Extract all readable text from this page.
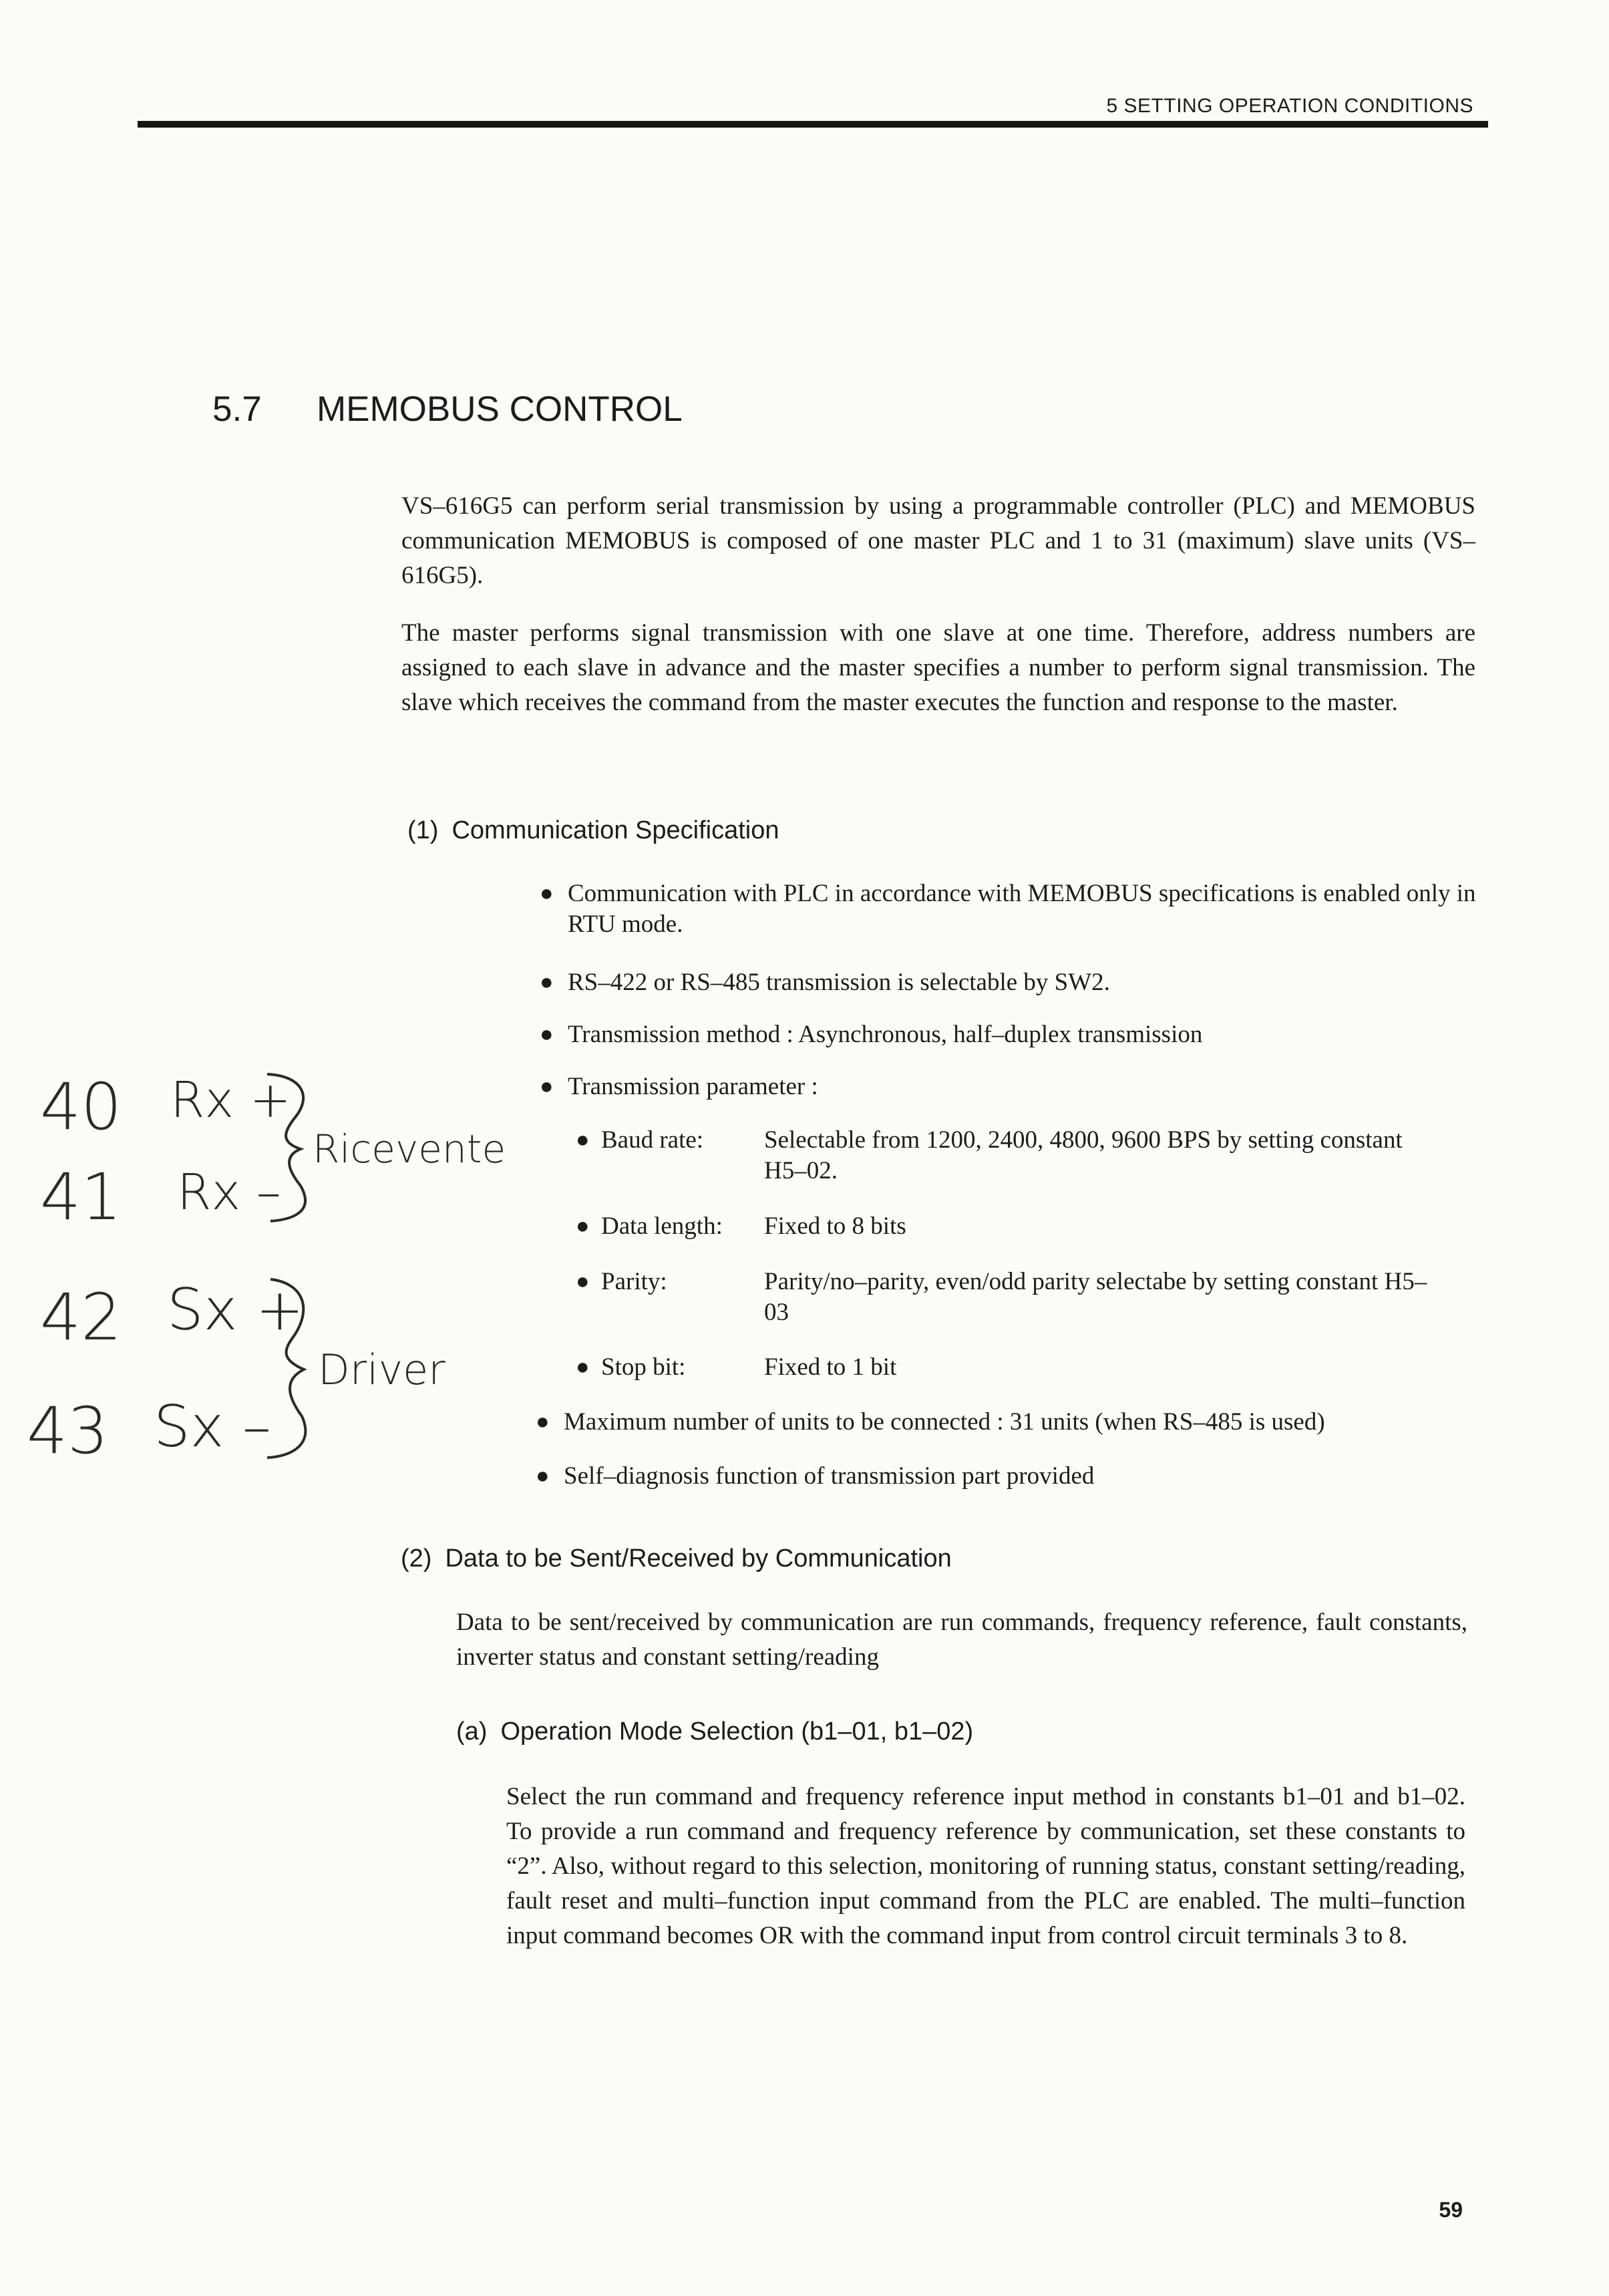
5 SETTING OPERATION CONDITIONS
5.7 MEMOBUS CONTROL

VS–616G5 can perform serial transmission by using a programmable controller (PLC) and MEMOBUS communication MEMOBUS is composed of one master PLC and 1 to 31 (maximum) slave units (VS–616G5).

The master performs signal transmission with one slave at one time. Therefore, address numbers are assigned to each slave in advance and the master specifies a number to perform signal transmission. The slave which receives the command from the master executes the function and response to the master.

(1) Communication Specification
● Communication with PLC in accordance with MEMOBUS specifications is enabled only in RTU mode.
● RS–422 or RS–485 transmission is selectable by SW2.
● Transmission method : Asynchronous, half–duplex transmission
● Transmission parameter :
● Baud rate: Selectable from 1200, 2400, 4800, 9600 BPS by setting constant H5–02.
● Data length: Fixed to 8 bits
● Parity:	Parity/no–parity, even/odd parity selectabe by setting constant H5–03
● Stop bit:	Fixed to 1 bit
● Maximum number of units to be connected : 31 units (when RS–485 is used)
● Self–diagnosis function of transmission part provided
(2) Data to be Sent/Received by Communication

Data to be sent/received by communication are run commands, frequency reference, fault constants, inverter status and constant setting/reading

(a) Operation Mode Selection (b1–01, b1–02)

Select the run command and frequency reference input method in constants b1–01 and b1–02. To provide a run command and frequency reference by communication, set these constants to “2”. Also, without regard to this selection, monitoring of running status, constant setting/reading, fault reset and multi–function input command from the PLC are enabled. The multi–function input command becomes OR with the command input from control circuit terminals 3 to 8.

40
41
42
43
Rx +
Rx –
Sx +
Sx –
Ricevente
Driver
59
